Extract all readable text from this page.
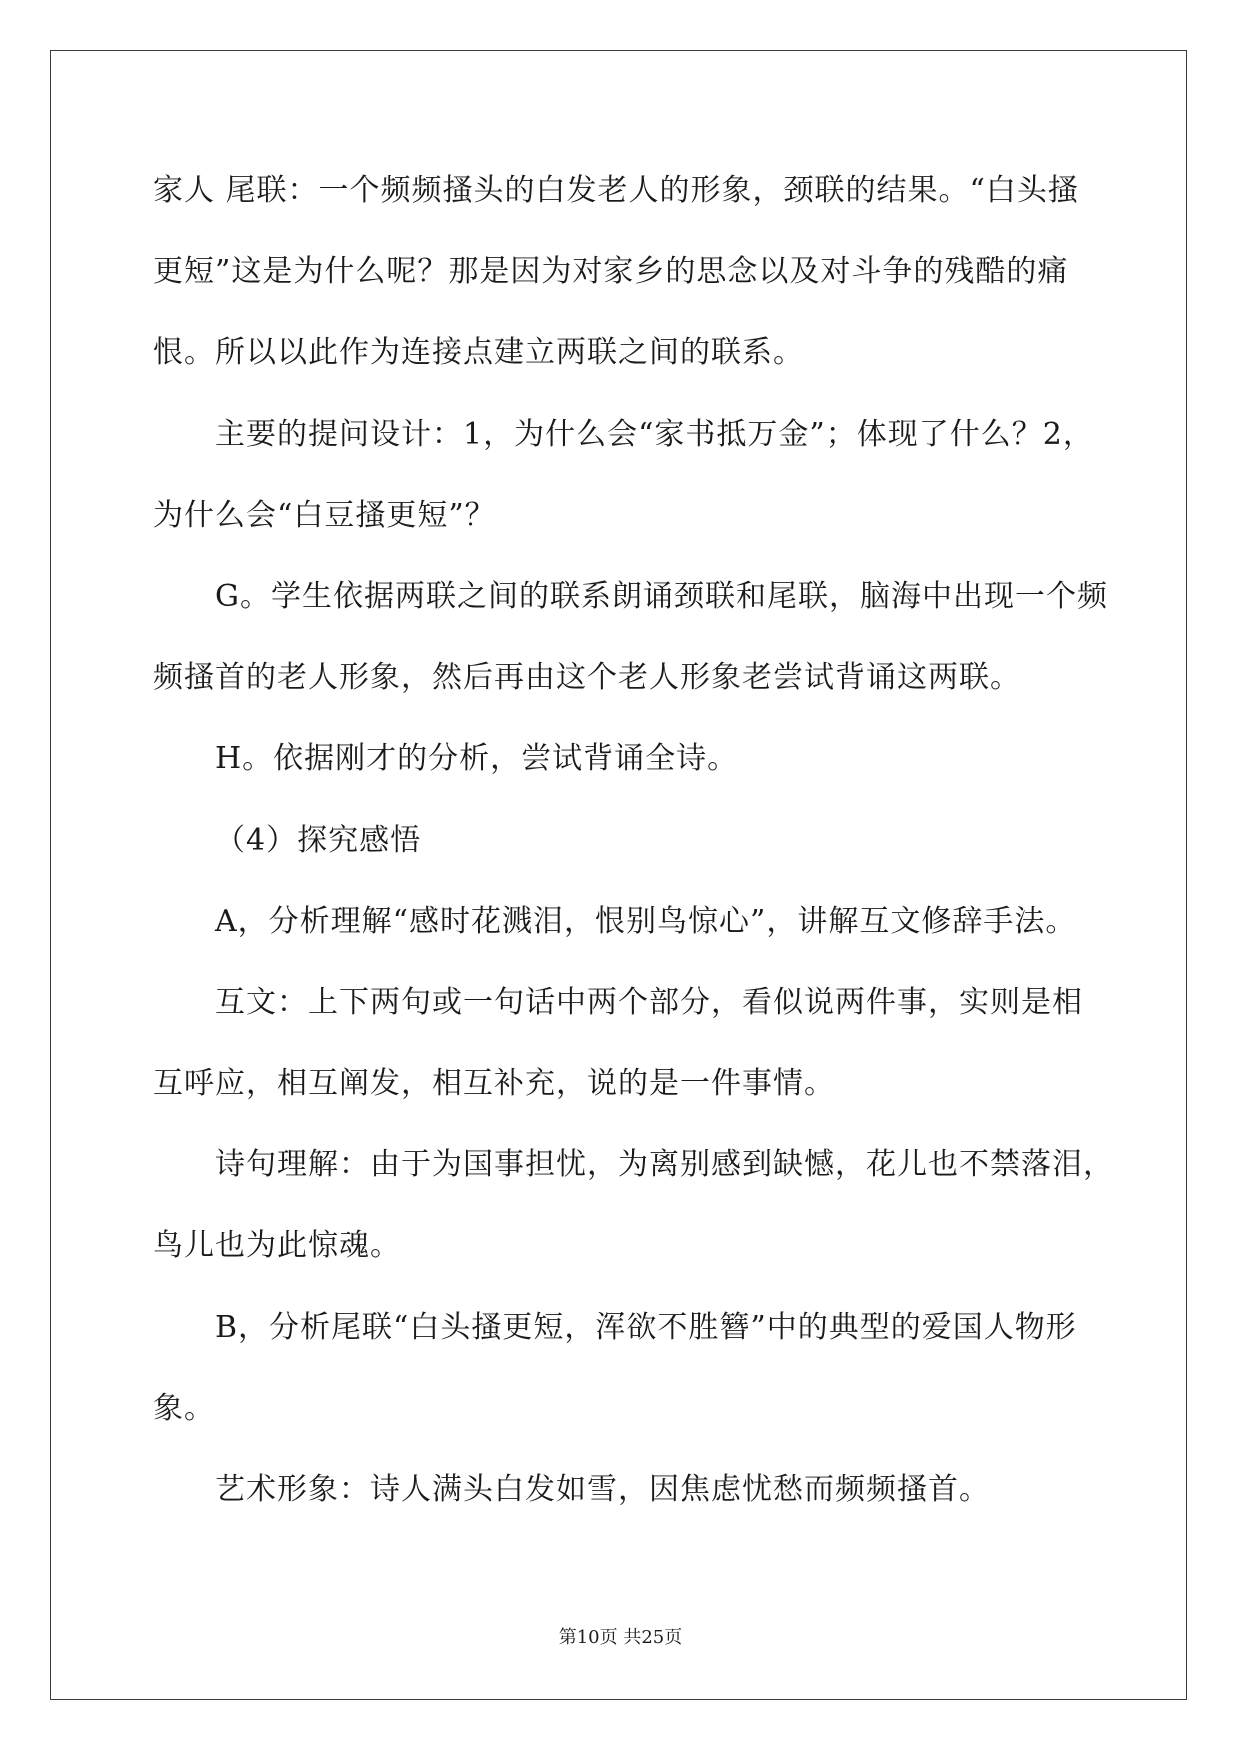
家人 尾联：一个频频搔头的白发老人的形象，颈联的结果。“白头搔
更短”这是为什么呢？那是因为对家乡的思念以及对斗争的残酷的痛
恨。所以以此作为连接点建立两联之间的联系。
主要的提问设计：1，为什么会“家书抵万金”；体现了什么？2，
为什么会“白豆搔更短”？
G。学生依据两联之间的联系朗诵颈联和尾联，脑海中出现一个频
频搔首的老人形象，然后再由这个老人形象老尝试背诵这两联。
H。依据刚才的分析，尝试背诵全诗。
（4）探究感悟
A，分析理解“感时花溅泪，恨别鸟惊心”，讲解互文修辞手法。
互文：上下两句或一句话中两个部分，看似说两件事，实则是相
互呼应，相互阐发，相互补充，说的是一件事情。
诗句理解：由于为国事担忧，为离别感到缺憾，花儿也不禁落泪，
鸟儿也为此惊魂。
B，分析尾联“白头搔更短，浑欲不胜簪”中的典型的爱国人物形
象。
艺术形象：诗人满头白发如雪，因焦虑忧愁而频频搔首。
第10页 共25页
